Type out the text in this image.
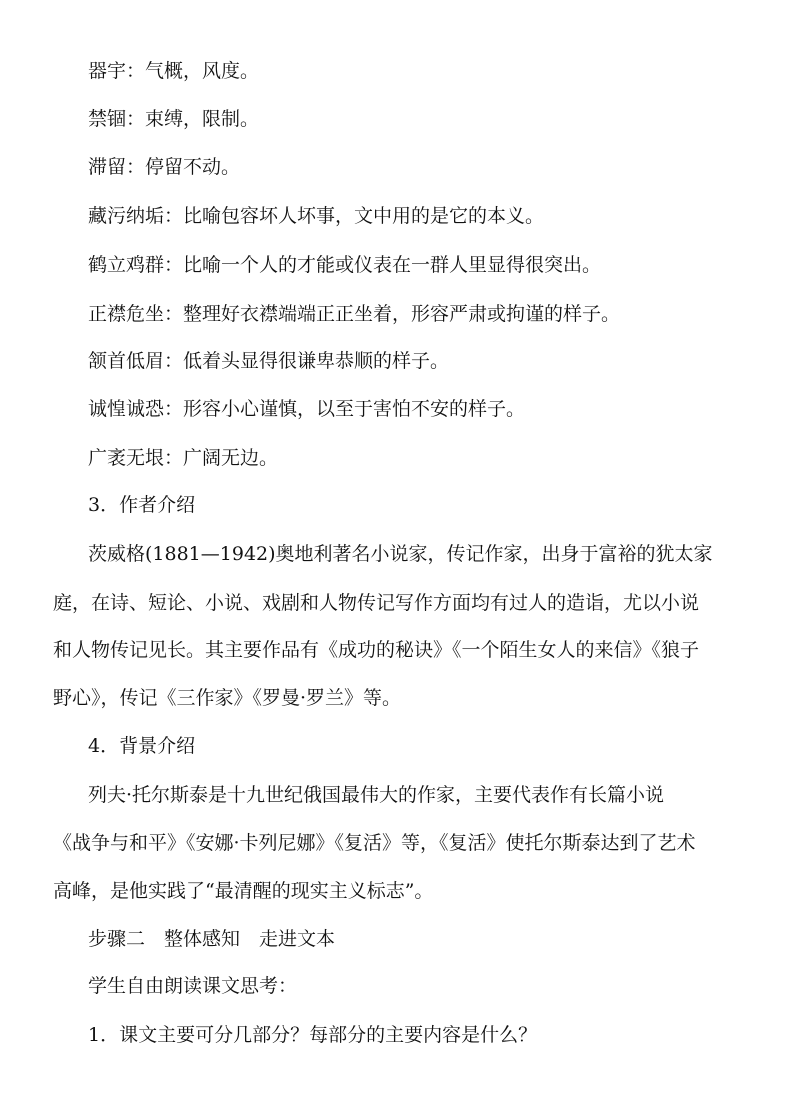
器宇：气概，风度。
禁锢：束缚，限制。
滞留：停留不动。
藏污纳垢：比喻包容坏人坏事，文中用的是它的本义。
鹤立鸡群：比喻一个人的才能或仪表在一群人里显得很突出。
正襟危坐：整理好衣襟端端正正坐着，形容严肃或拘谨的样子。
颔首低眉：低着头显得很谦卑恭顺的样子。
诚惶诚恐：形容小心谨慎，以至于害怕不安的样子。
广袤无垠：广阔无边。
3．作者介绍
茨威格(1881—1942)奥地利著名小说家，传记作家，出身于富裕的犹太家
庭，在诗、短论、小说、戏剧和人物传记写作方面均有过人的造诣，尤以小说
和人物传记见长。其主要作品有《成功的秘诀》《一个陌生女人的来信》《狼子
野心》，传记《三作家》《罗曼·罗兰》等。
4．背景介绍
列夫·托尔斯泰是十九世纪俄国最伟大的作家，主要代表作有长篇小说
《战争与和平》《安娜·卡列尼娜》《复活》等，《复活》使托尔斯泰达到了艺术
高峰，是他实践了“最清醒的现实主义标志”。
步骤二　整体感知　走进文本
学生自由朗读课文思考：
1．课文主要可分几部分？每部分的主要内容是什么？
